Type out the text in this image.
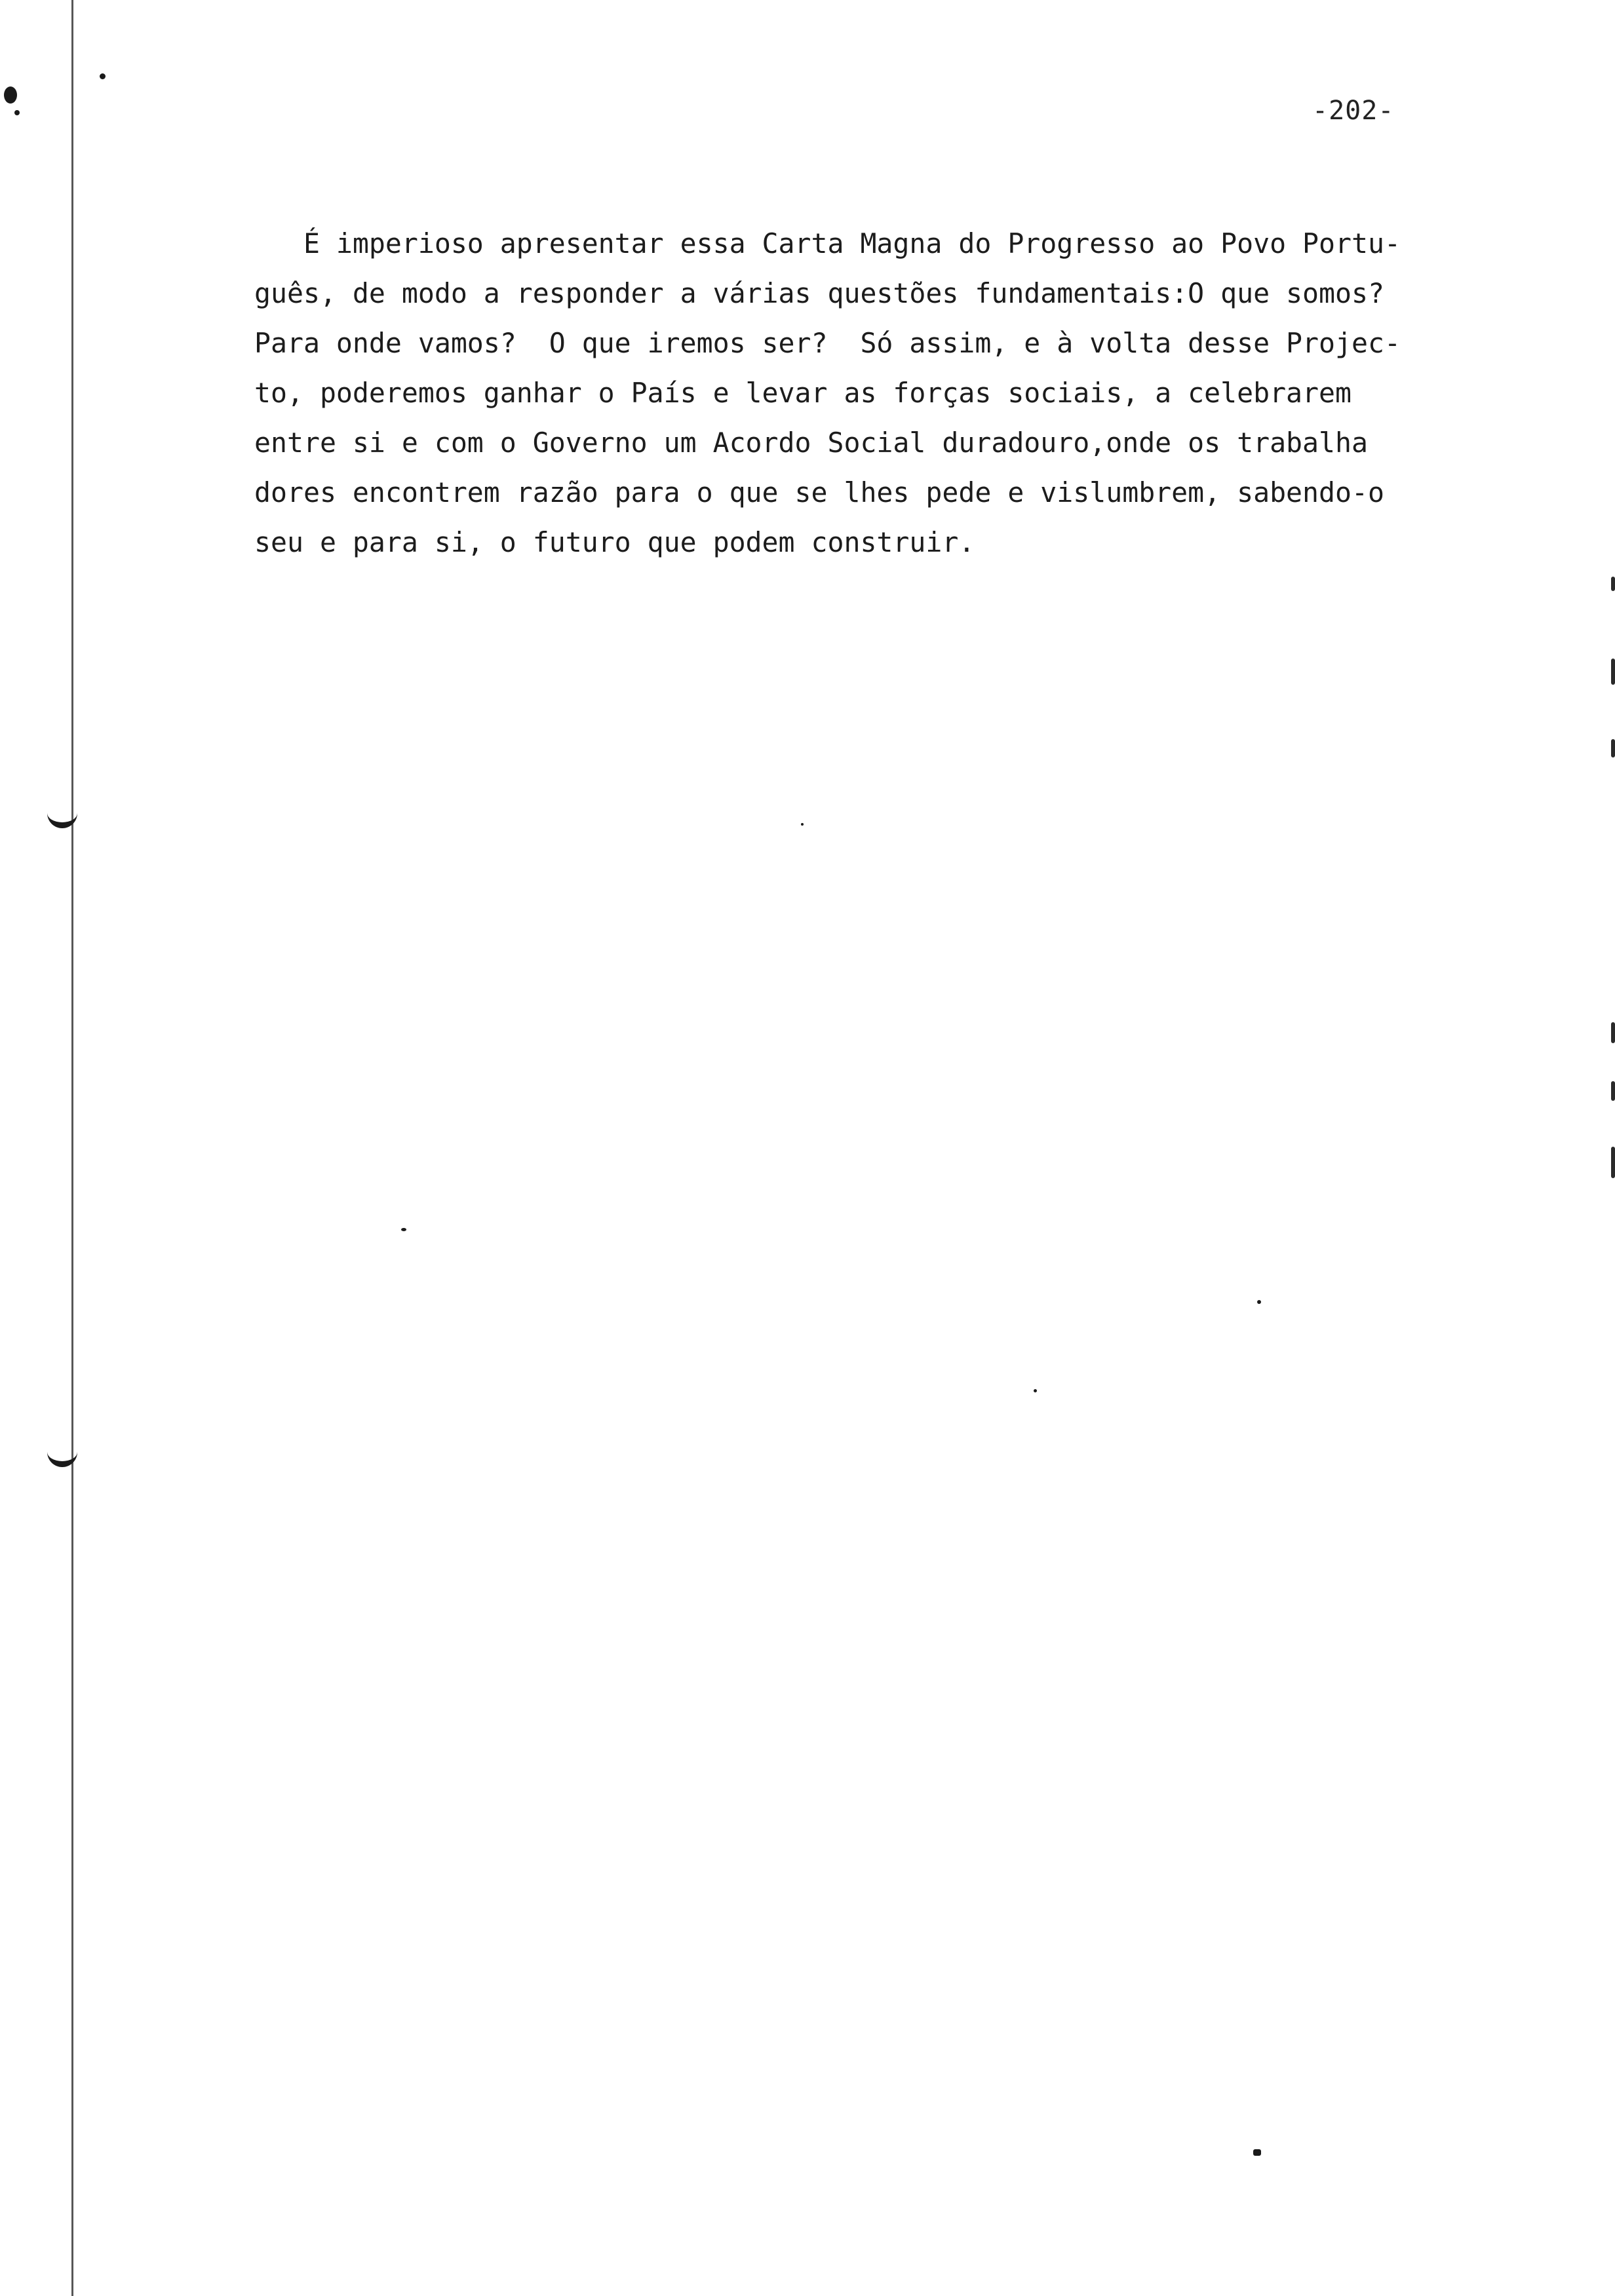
-202-
É imperioso apresentar essa Carta Magna do Progresso ao Povo Portu-
guês, de modo a responder a várias questões fundamentais:O que somos?
Para onde vamos?  O que iremos ser?  Só assim, e à volta desse Projec-
to, poderemos ganhar o País e levar as forças sociais, a celebrarem
entre si e com o Governo um Acordo Social duradouro,onde os trabalha
dores encontrem razão para o que se lhes pede e vislumbrem, sabendo-o
seu e para si, o futuro que podem construir.
